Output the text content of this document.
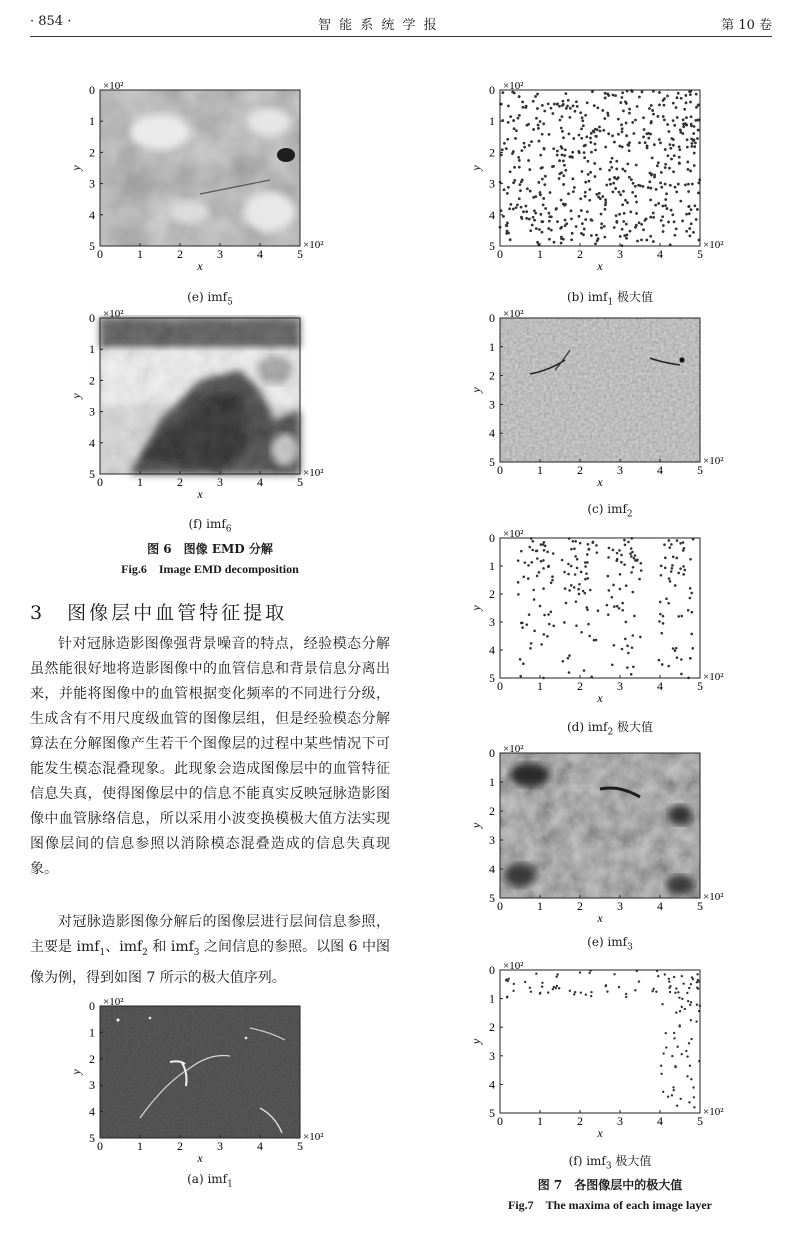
· 854 ·	智 能 系 统 学 报	第 10 卷
0	1	2	3	4	5
0
1
2
3
4
5
x
y
×10²
×10²
(e) imf$_5$
0	1	2	3	4	5
0
1
2
3
4
5
x
y
×10²
×10²
(f) imf$_6$
图 6　图像 EMD 分解
Fig.6　Image EMD decomposition
3　图像层中血管特征提取

针对冠脉造影图像强背景噪音的特点，经验模态分解虽然能很好地将造影图像中的血管信息和背景信息分离出来，并能将图像中的血管根据变化频率的不同进行分级，生成含有不用尺度级血管的图像层组，但是经验模态分解算法在分解图像产生若干个图像层的过程中某些情况下可能发生模态混叠现象。此现象会造成图像层中的血管特征信息失真，使得图像层中的信息不能真实反映冠脉造影图像中血管脉络信息，所以采用小波变换模极大值方法实现图像层间的信息参照以消除模态混叠造成的信息失真现象。

对冠脉造影图像分解后的图像层进行层间信息参照，主要是 imf$_1$、imf$_2$ 和 imf$_3$ 之间信息的参照。以图 6 中图像为例，得到如图 7 所示的极大值序列。

0	1	2	3	4	5
0
1
2
3
4
5
x
y
×10²
×10²
(a) imf$_1$
0	1	2	3	4	5
0
1
2
3
4
5
x
y
×10²
×10²
(b) imf$_1$ 极大值
0	1	2	3	4	5
0
1
2
3
4
5
x
y
×10²
×10²
(c) imf$_2$
0	1	2	3	4	5
0
1
2
3
4
5
x
y
×10²
×10²
(d) imf$_2$ 极大值
0	1	2	3	4	5
0
1
2
3
4
5
x
y
×10²
×10²
(e) imf$_3$
0	1	2	3	4	5
0
1
2
3
4
5
x
y
×10²
×10²
(f) imf$_3$ 极大值
图 7　各图像层中的极大值
Fig.7　The maxima of each image layer
